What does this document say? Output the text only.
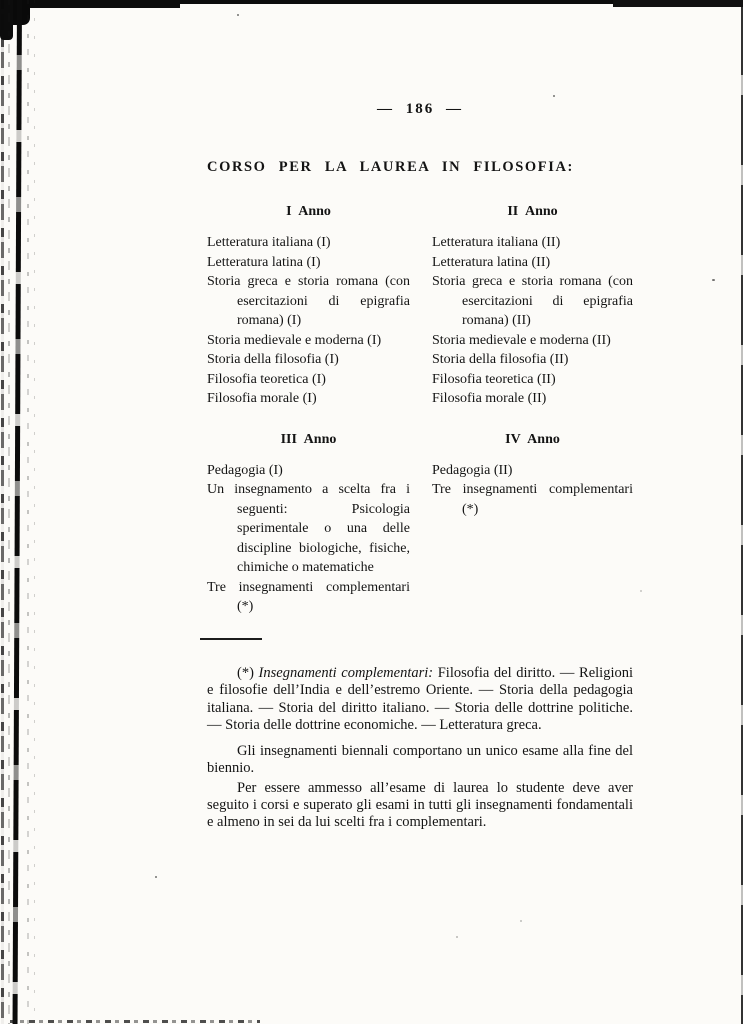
— 186 —
CORSO PER LA LAUREA IN FILOSOFIA:
I Anno
Letteratura italiana (I)
Letteratura latina (I)
Storia greca e storia romana (con esercitazioni di epigrafia romana) (I)
Storia medievale e moderna (I)
Storia della filosofia (I)
Filosofia teoretica (I)
Filosofia morale (I)
II Anno
Letteratura italiana (II)
Letteratura latina (II)
Storia greca e storia romana (con esercitazioni di epigrafia romana) (II)
Storia medievale e moderna (II)
Storia della filosofia (II)
Filosofia teoretica (II)
Filosofia morale (II)
III Anno
Pedagogia (I)
Un insegnamento a scelta fra i seguenti: Psicologia sperimentale o una delle discipline biologiche, fisiche, chimiche o matematiche
Tre insegnamenti complementari (*)
IV Anno
Pedagogia (II)
Tre insegnamenti complementari (*)

(*) Insegnamenti complementari: Filosofia del diritto. — Religioni e filosofie dell’India e dell’estremo Oriente. — Storia della pedagogia italiana. — Storia del diritto italiano. — Storia delle dottrine politiche. — Storia delle dottrine economiche. — Letteratura greca.

Gli insegnamenti biennali comportano un unico esame alla fine del biennio.

Per essere ammesso all’esame di laurea lo studente deve aver seguito i corsi e superato gli esami in tutti gli insegnamenti fondamentali e almeno in sei da lui scelti fra i complementari.
